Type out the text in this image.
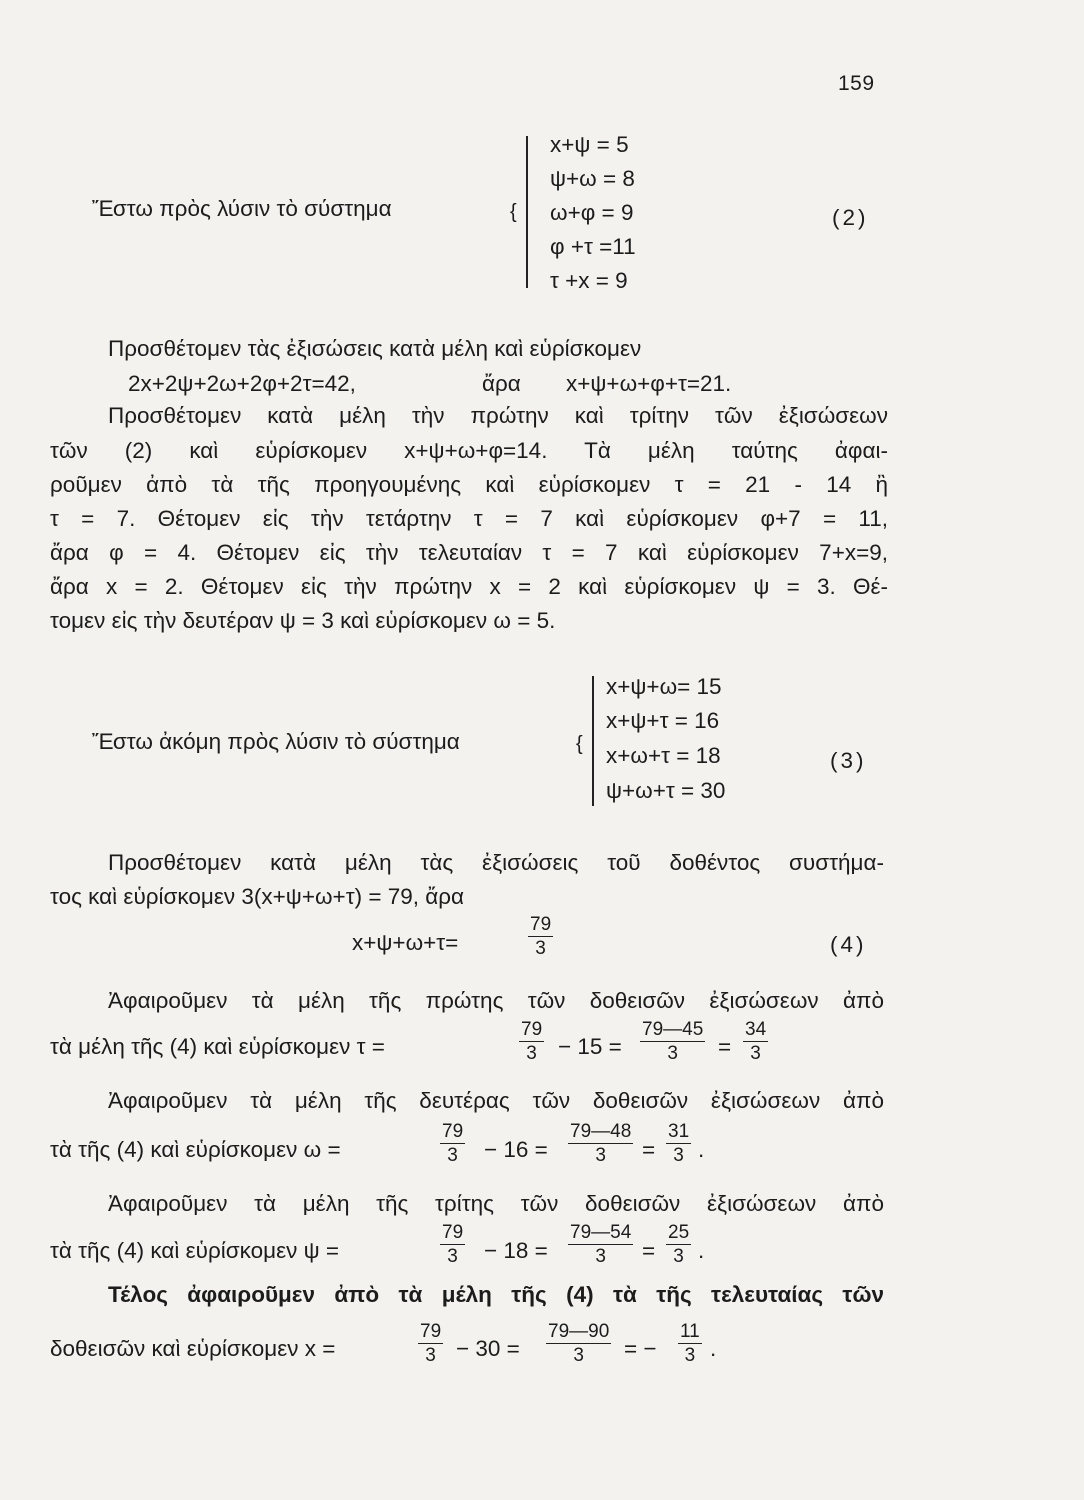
159
Ἔστω πρὸς λύσιν τὸ σύστημα	{
x+ψ = 5
ψ+ω = 8
ω+φ = 9
φ +τ =11
τ +x = 9
(2)
Προσθέτομεν τὰς ἐξισώσεις κατὰ μέλη καὶ εὑρίσκομεν
2x+2ψ+2ω+2φ+2τ=42,	ἄρα x+ψ+ω+φ+τ=21.
Προσθέτομεν κατὰ μέλη τὴν πρώτην καὶ τρίτην τῶν ἐξισώσεων
τῶν (2) καὶ εὑρίσκομεν x+ψ+ω+φ=14. Τὰ μέλη ταύτης ἀφαι-
ροῦμεν ἀπὸ τὰ τῆς προηγουμένης καὶ εὑρίσκομεν τ = 21 - 14 ἢ
τ = 7. Θέτομεν εἰς τὴν τετάρτην τ = 7 καὶ εὑρίσκομεν φ+7 = 11,
ἄρα φ = 4. Θέτομεν εἰς τὴν τελευταίαν τ = 7 καὶ εὑρίσκομεν 7+x=9,
ἄρα x = 2. Θέτομεν εἰς τὴν πρώτην x = 2 καὶ εὑρίσκομεν ψ = 3. Θέ-
τομεν εἰς τὴν δευτέραν ψ = 3 καὶ εὑρίσκομεν ω = 5.
Ἔστω ἀκόμη πρὸς λύσιν τὸ σύστημα	{
x+ψ+ω= 15
x+ψ+τ = 16
x+ω+τ = 18
ψ+ω+τ = 30
(3)
Προσθέτομεν κατὰ μέλη τὰς ἐξισώσεις τοῦ δοθέντος συστήμα-
τος καὶ εὑρίσκομεν 3(x+ψ+ω+τ) = 79, ἄρα
x+ψ+ω+τ=	$\frac{79}{3}$	(4)
Ἀφαιροῦμεν τὰ μέλη τῆς πρώτης τῶν δοθεισῶν ἐξισώσεων ἀπὸ
τὰ μέλη τῆς (4) καὶ εὑρίσκομεν τ =	$\frac{79}{3} - 15 = \frac{79—45}{3} = \frac{34}{3}$
Ἀφαιροῦμεν τὰ μέλη τῆς δευτέρας τῶν δοθεισῶν ἐξισώσεων ἀπὸ
τὰ τῆς (4) καὶ εὑρίσκομεν ω =	$\frac{79}{3} - 16 = \frac{79—48}{3} = \frac{31}{3}$ .
Ἀφαιροῦμεν τὰ μέλη τῆς τρίτης τῶν δοθεισῶν ἐξισώσεων ἀπὸ
τὰ τῆς (4) καὶ εὑρίσκομεν ψ =	$\frac{79}{3} - 18 = \frac{79—54}{3} = \frac{25}{3}$ .
Τέλος ἀφαιροῦμεν ἀπὸ τὰ μέλη τῆς (4) τὰ τῆς τελευταίας τῶν
δοθεισῶν καὶ εὑρίσκομεν x =	$\frac{79}{3} - 30 = \frac{79—90}{3}$ = − $\frac{11}{3}$ .
